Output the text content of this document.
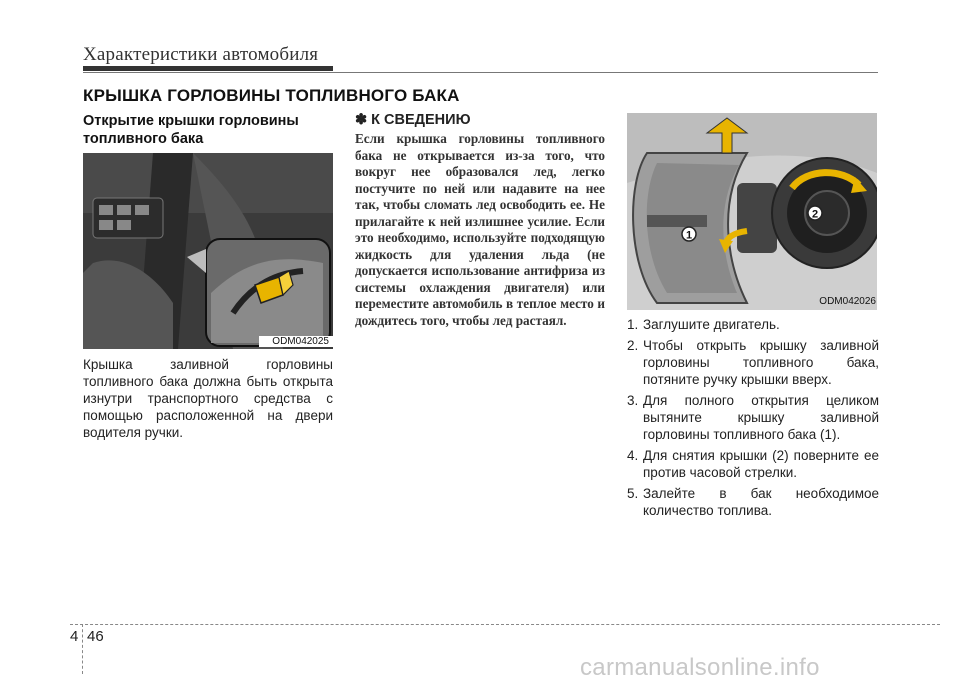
Характеристики автомобиля
КРЫШКА ГОРЛОВИНЫ ТОПЛИВНОГО БАКА
Открытие крышки горловины топливного бака
ODM042025
Крышка заливной горловины топливного бака должна быть открыта изнутри транспортного средства с помощью расположенной на двери водителя ручки.
✽ К СВЕДЕНИЮ
Если крышка горловины топливного бака не открывается из-за того, что вокруг нее образовался лед, легко постучите по ней или надавите на нее так, чтобы сломать лед освободить ее. Не прилагайте к ней излишнее усилие. Если это необходимо, используйте подходящую жидкость для удаления льда (не допускается использование антифриза из системы охлаждения двигателя) или переместите автомобиль в теплое место и дождитесь того, чтобы лед растаял.
1
2
ODM042026
1. Заглушите двигатель.
2. Чтобы открыть крышку заливной горловины топливного бака, потяните ручку крышки вверх.
3. Для полного открытия целиком вытяните крышку заливной горловины топливного бака (1).
4. Для снятия крышки (2) поверните ее против часовой стрелки.
5. Залейте в бак необходимое количество топлива.
4 46
carmanualsonline.info
